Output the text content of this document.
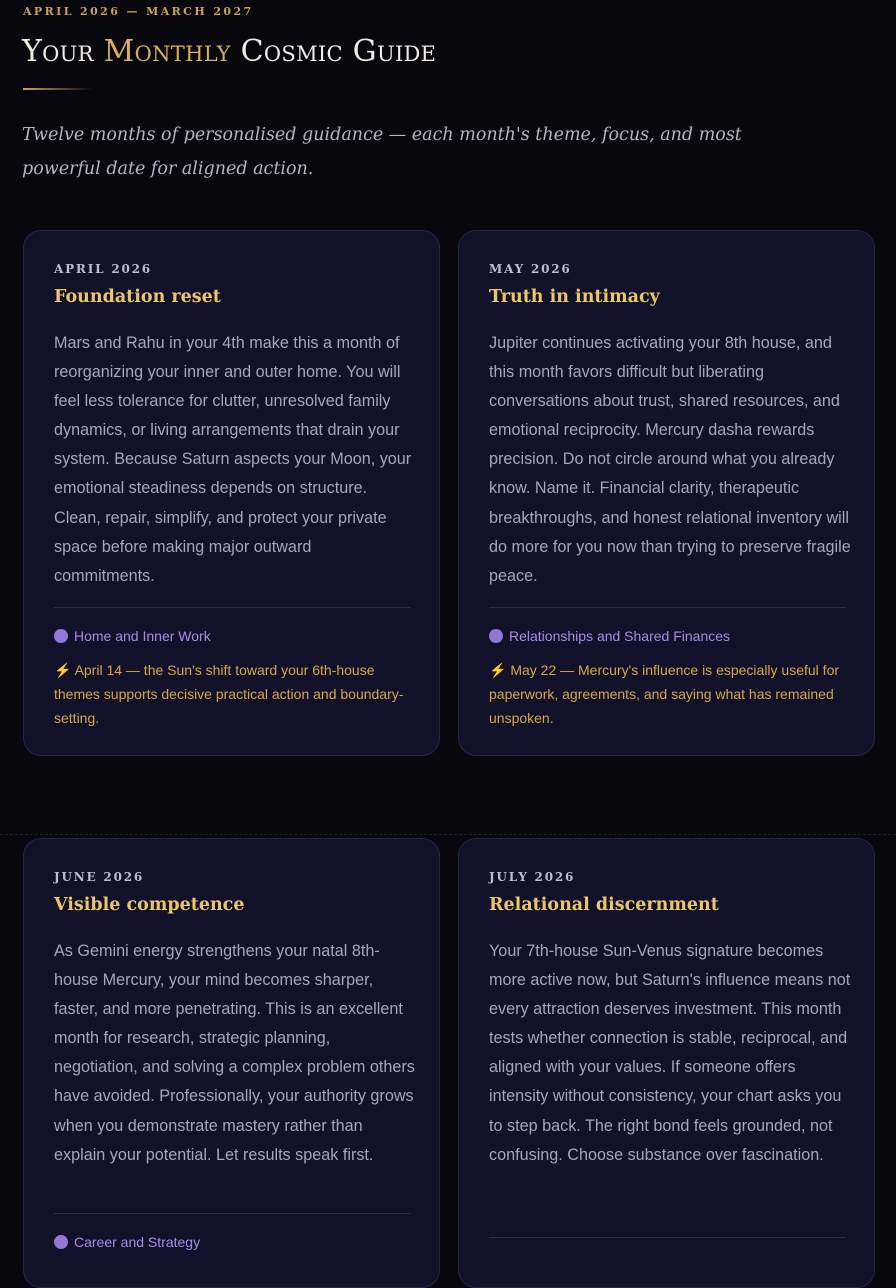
APRIL 2026 — MARCH 2027
Your Monthly Cosmic Guide

Twelve months of personalised guidance — each month's theme, focus, and most powerful date for aligned action.

APRIL 2026
Foundation reset

Mars and Rahu in your 4th make this a month of reorganizing your inner and outer home. You will feel less tolerance for clutter, unresolved family dynamics, or living arrangements that drain your system. Because Saturn aspects your Moon, your emotional steadiness depends on structure. Clean, repair, simplify, and protect your private space before making major outward commitments.

Home and Inner Work

⚡ April 14 — the Sun's shift toward your 6th-house themes supports decisive practical action and boundary-setting.

MAY 2026
Truth in intimacy

Jupiter continues activating your 8th house, and this month favors difficult but liberating conversations about trust, shared resources, and emotional reciprocity. Mercury dasha rewards precision. Do not circle around what you already know. Name it. Financial clarity, therapeutic breakthroughs, and honest relational inventory will do more for you now than trying to preserve fragile peace.

Relationships and Shared Finances

⚡ May 22 — Mercury's influence is especially useful for paperwork, agreements, and saying what has remained unspoken.

JUNE 2026
Visible competence

As Gemini energy strengthens your natal 8th-house Mercury, your mind becomes sharper, faster, and more penetrating. This is an excellent month for research, strategic planning, negotiation, and solving a complex problem others have avoided. Professionally, your authority grows when you demonstrate mastery rather than explain your potential. Let results speak first.

Career and Strategy
JULY 2026
Relational discernment

Your 7th-house Sun-Venus signature becomes more active now, but Saturn's influence means not every attraction deserves investment. This month tests whether connection is stable, reciprocal, and aligned with your values. If someone offers intensity without consistency, your chart asks you to step back. The right bond feels grounded, not confusing. Choose substance over fascination.
